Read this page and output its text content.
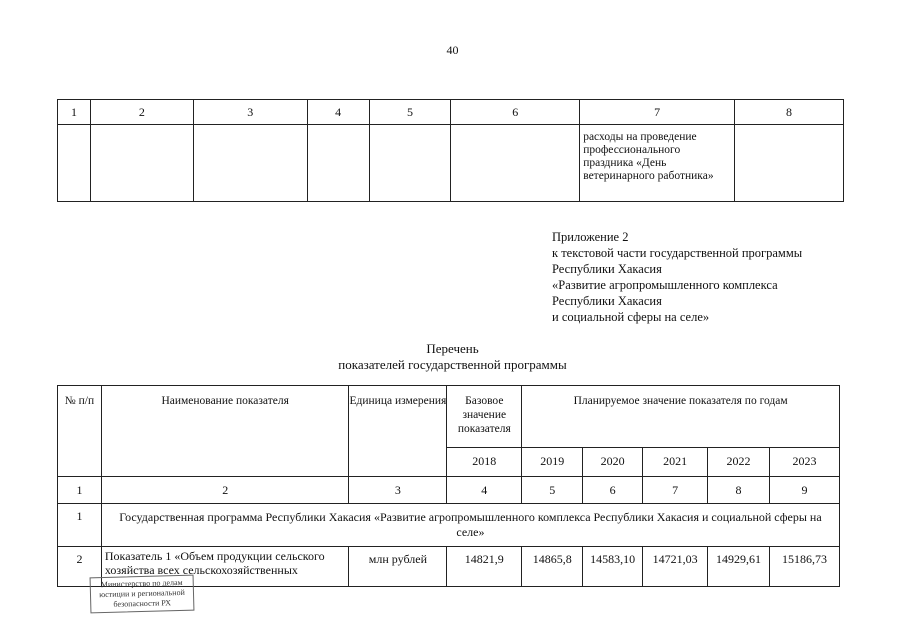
40
1	2	3	4	5	6	7	8
						расходы на проведение профессионального праздника «День ветеринарного работника»	
Приложение 2
к текстовой части государственной программы
Республики Хакасия
«Развитие агропромышленного комплекса
Республики Хакасия
и социальной сферы на селе»
Перечень
показателей государственной программы
№ п/п	Наименование показателя	Единица измерения	Базовое значение показателя	Планируемое значение показателя по годам				
			2018	2019	2020	2021	2022	2023
1	2	3	4	5	6	7	8	9
1	Государственная программа Республики Хакасия «Развитие агропромышленного комплекса Республики Хакасия и социальной сферы на селе»							
2	Показатель 1 «Объем продукции сельского хозяйства всех сельскохозяйственных	млн рублей	14821,9	14865,8	14583,10	14721,03	14929,61	15186,73
Министерство по делам юстиции и региональной безопасности РХ
